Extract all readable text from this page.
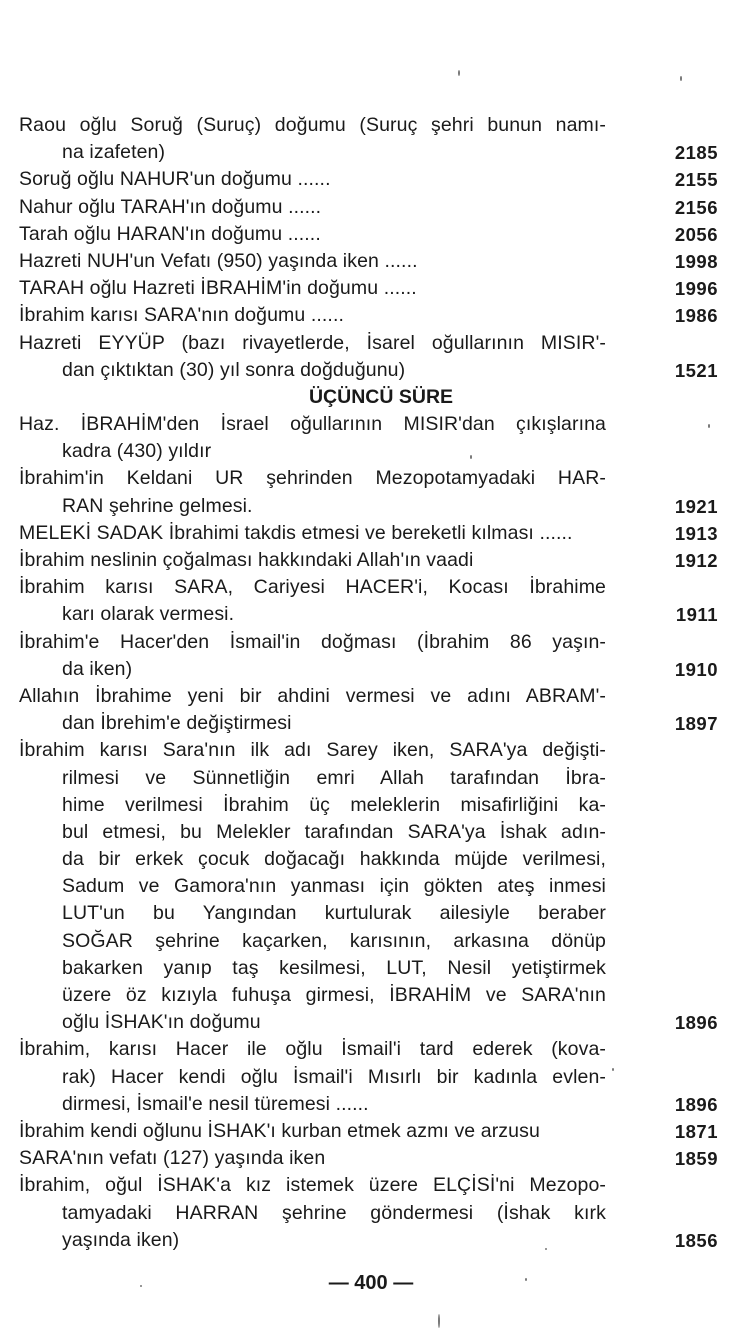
Raou oğlu Soruğ (Suruç) doğumu (Suruç şehri bunun namı-
na izafeten)	2185
Soruğ oğlu NAHUR'un doğumu ......	2155
Nahur oğlu TARAH'ın doğumu ......	2156
Tarah oğlu HARAN'ın doğumu ......	2056
Hazreti NUH'un Vefatı (950) yaşında iken ......	1998
TARAH oğlu Hazreti İBRAHİM'in doğumu ......	1996
İbrahim karısı SARA'nın doğumu ......	1986
Hazreti EYYÜP (bazı rivayetlerde, İsarel oğullarının MISIR'-
dan çıktıktan (30) yıl sonra doğduğunu)	1521
ÜÇÜNCÜ SÜRE
Haz. İBRAHİM'den İsrael oğullarının MISIR'dan çıkışlarına
kadra (430) yıldır
İbrahim'in Keldani UR şehrinden Mezopotamyadaki HAR-
RAN şehrine gelmesi.	1921
MELEKİ SADAK İbrahimi takdis etmesi ve bereketli kılması ......	1913
İbrahim neslinin çoğalması hakkındaki Allah'ın vaadi	1912
İbrahim karısı SARA, Cariyesi HACER'i, Kocası İbrahime
karı olarak vermesi.	1911
İbrahim'e Hacer'den İsmail'in doğması (İbrahim 86 yaşın-
da iken)	1910
Allahın İbrahime yeni bir ahdini vermesi ve adını ABRAM'-
dan İbrehim'e değiştirmesi	1897
İbrahim karısı Sara'nın ilk adı Sarey iken, SARA'ya değişti-
rilmesi ve Sünnetliğin emri Allah tarafından İbra-
hime verilmesi İbrahim üç meleklerin misafirliğini ka-
bul etmesi, bu Melekler tarafından SARA'ya İshak adın-
da bir erkek çocuk doğacağı hakkında müjde verilmesi,
Sadum ve Gamora'nın yanması için gökten ateş inmesi
LUT'un bu Yangından kurtulurak ailesiyle beraber
SOĞAR şehrine kaçarken, karısının, arkasına dönüp
bakarken yanıp taş kesilmesi, LUT, Nesil yetiştirmek
üzere öz kızıyla fuhuşa girmesi, İBRAHİM ve SARA'nın
oğlu İSHAK'ın doğumu	1896
İbrahim, karısı Hacer ile oğlu İsmail'i tard ederek (kova-
rak) Hacer kendi oğlu İsmail'i Mısırlı bir kadınla evlen-
dirmesi, İsmail'e nesil türemesi ......	1896
İbrahim kendi oğlunu İSHAK'ı kurban etmek azmı ve arzusu	1871
SARA'nın vefatı (127) yaşında iken	1859
İbrahim, oğul İSHAK'a kız istemek üzere ELÇİSİ'ni Mezopo-
tamyadaki HARRAN şehrine göndermesi (İshak kırk
yaşında iken)	1856
— 400 —
